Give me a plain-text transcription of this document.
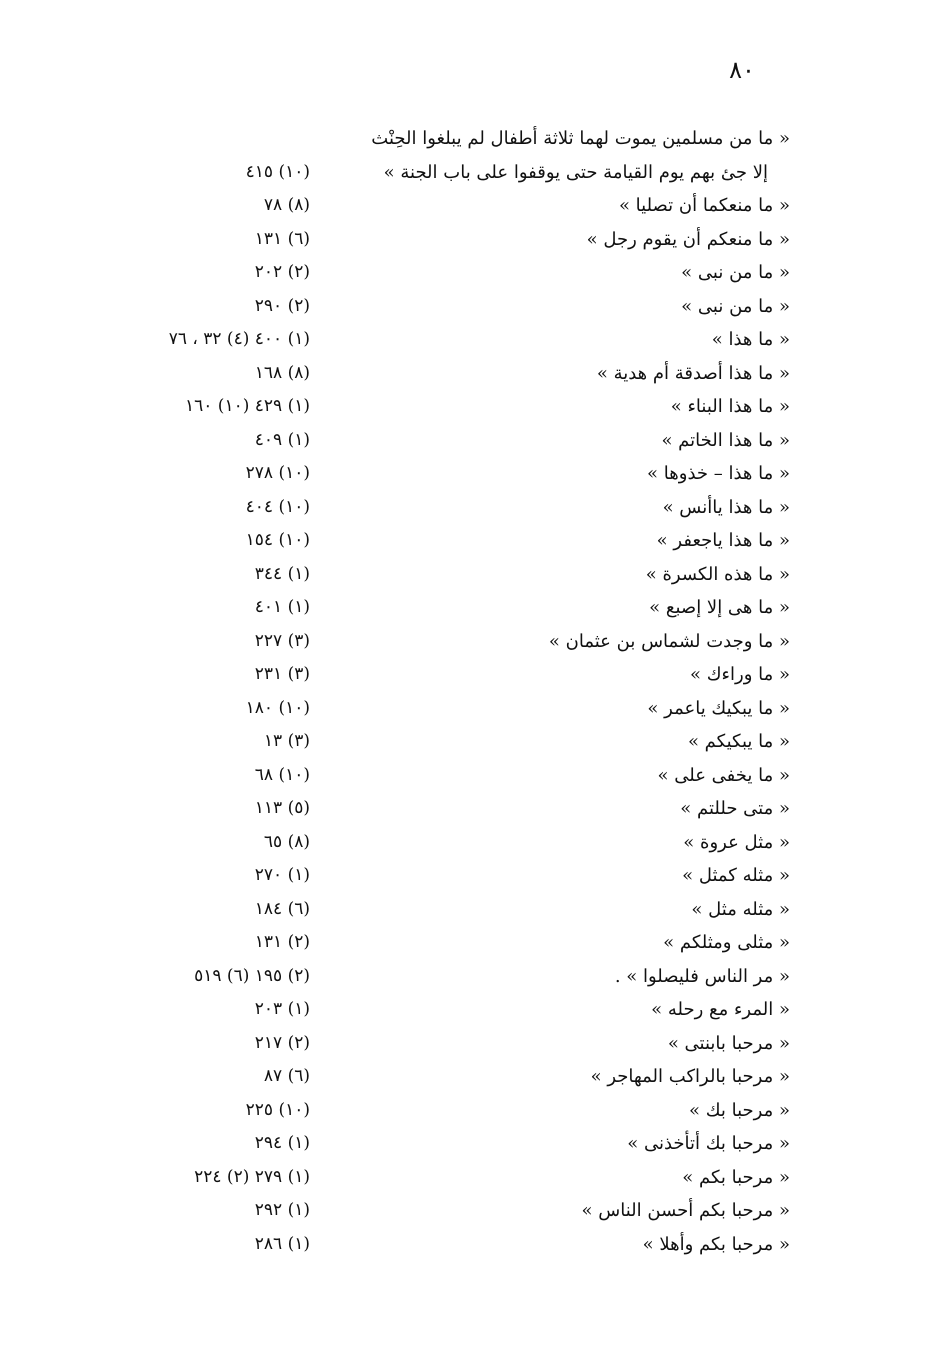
٨٠
« ما من مسلمين يموت لهما ثلاثة أطفال لم يبلغوا الحِنْث
إلا جئ بهم يوم القيامة حتى يوقفوا على باب الجنة »
(١٠) ٤١٥
« ما منعكما أن تصليا »
(٨) ٧٨
« ما منعكم أن يقوم رجل »
(٦) ١٣١
« ما من نبى »
(٢) ٢٠٢
« ما من نبى »
(٢) ٢٩٠
« ما هذا »
(١) ٤٠٠ (٤) ٣٢ ، ٧٦
« ما هذا أصدقة أم هدية »
(٨) ١٦٨
« ما هذا البناء »
(١) ٤٢٩ (١٠) ١٦٠
« ما هذا الخاتم »
(١) ٤٠٩
« ما هذا – خذوها »
(١٠) ٢٧٨
« ما هذا ياأنس »
(١٠) ٤٠٤
« ما هذا ياجعفر »
(١٠) ١٥٤
« ما هذه الكسرة »
(١) ٣٤٤
« ما هى إلا إصبع »
(١) ٤٠١
« ما وجدت لشماس بن عثمان »
(٣) ٢٢٧
« ما وراءك »
(٣) ٢٣١
« ما يبكيك ياعمر »
(١٠) ١٨٠
« ما يبكيكم »
(٣) ١٣
« ما يخفى على »
(١٠) ٦٨
« متى حللتم »
(٥) ١١٣
« مثل عروة »
(٨) ٦٥
« مثله كمثل »
(١) ٢٧٠
« مثله مثل »
(٦) ١٨٤
« مثلى ومثلكم »
(٢) ١٣١
« مر الناس فليصلوا » .
(٢) ١٩٥ (٦) ٥١٩
« المرء مع رحله »
(١) ٢٠٣
« مرحبا بابنتى »
(٢) ٢١٧
« مرحبا بالراكب المهاجر »
(٦) ٨٧
« مرحبا بك »
(١٠) ٢٢٥
« مرحبا بك أتأخذنى »
(١) ٢٩٤
« مرحبا بكم »
(١) ٢٧٩ (٢) ٢٢٤
« مرحبا بكم أحسن الناس »
(١) ٢٩٢
« مرحبا بكم وأهلا »
(١) ٢٨٦
